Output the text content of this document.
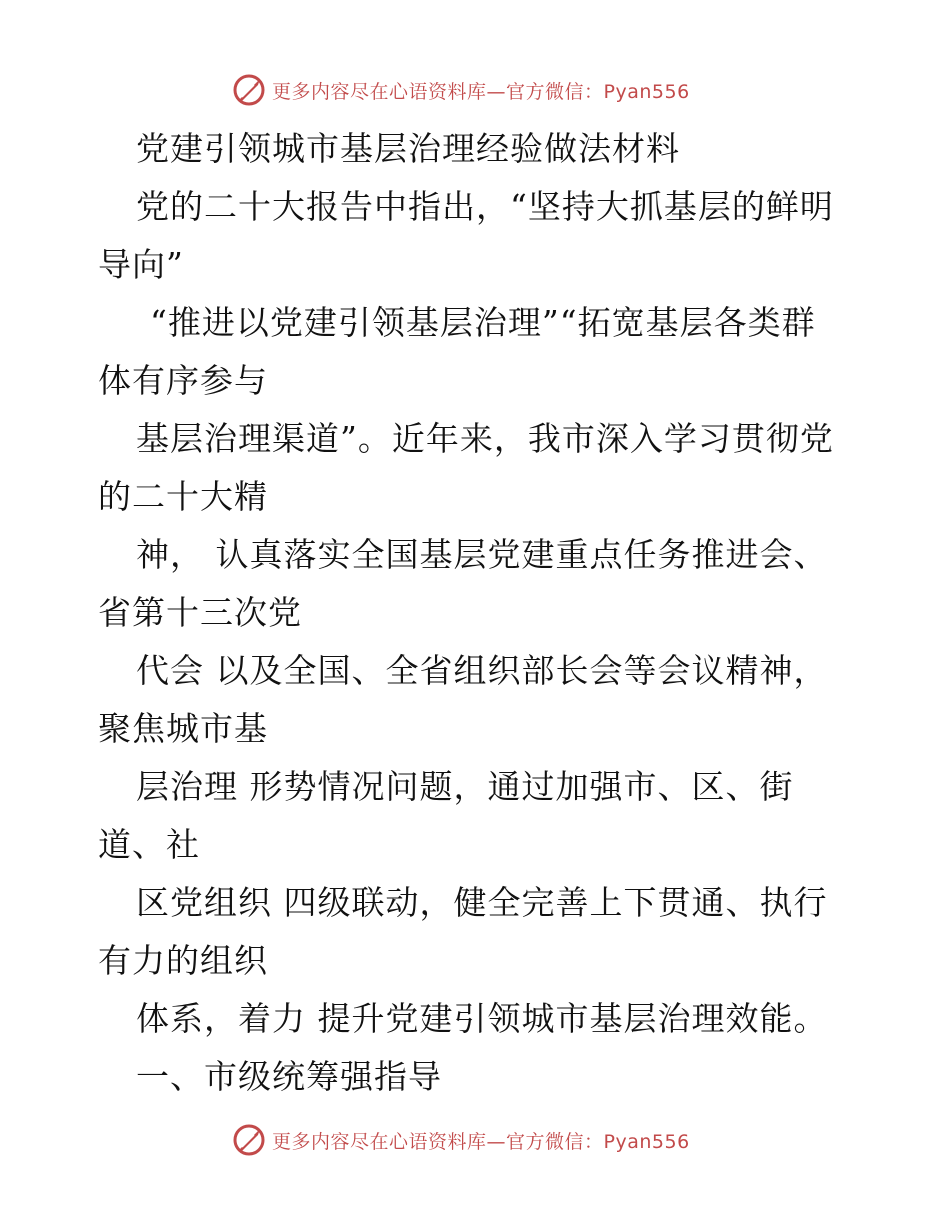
更多内容尽在心语资料库—官方微信：Pyan556
党建引领城市基层治理经验做法材料
党的二十大报告中指出，“坚持大抓基层的鲜明
导向”
“推进以党建引领基层治理”“拓宽基层各类群
体有序参与
基层治理渠道”。近年来，我市深入学习贯彻党
的二十大精
神， 认真落实全国基层党建重点任务推进会、
省第十三次党
代会 以及全国、全省组织部长会等会议精神，
聚焦城市基
层治理 形势情况问题，通过加强市、区、街
道、社
区党组织 四级联动，健全完善上下贯通、执行
有力的组织
体系，着力 提升党建引领城市基层治理效能。
一、市级统筹强指导
更多内容尽在心语资料库—官方微信：Pyan556
